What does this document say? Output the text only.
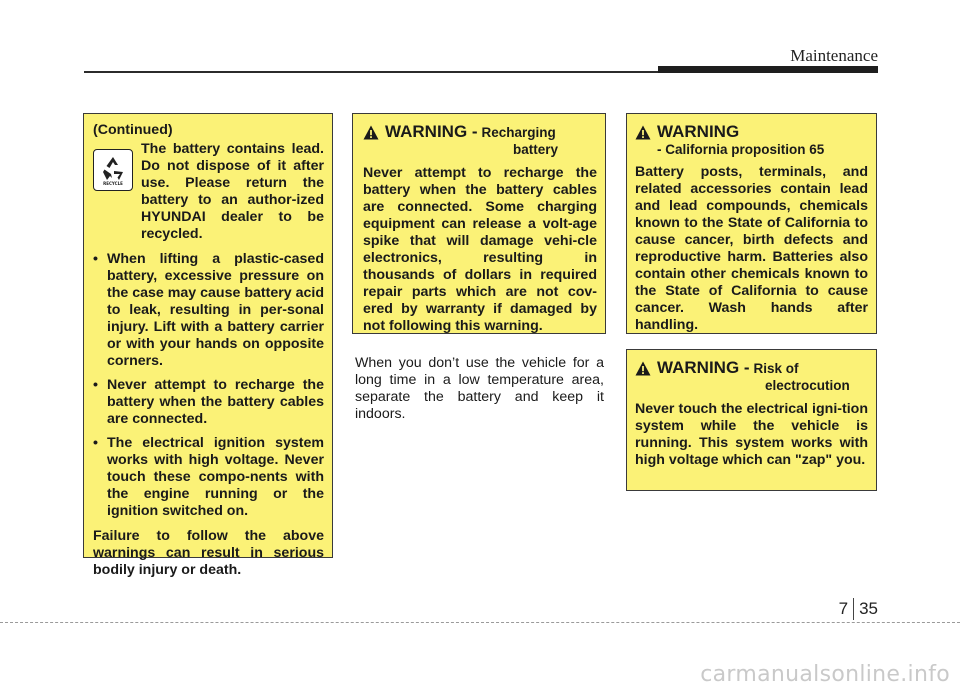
Maintenance

(Continued)

RECYCLE

The battery contains lead. Do not dispose of it after use. Please return the battery to an author-ized HYUNDAI dealer to be recycled.

• When lifting a plastic-cased battery, excessive pressure on the case may cause battery acid to leak, resulting in per-sonal injury. Lift with a battery carrier or with your hands on opposite corners.
• Never attempt to recharge the battery when the battery cables are connected.
• The electrical ignition system works with high voltage. Never touch these compo-nents with the engine running or the ignition switched on.

Failure to follow the above warnings can result in serious bodily injury or death.

WARNING - Recharging
battery

Never attempt to recharge the battery when the battery cables are connected. Some charging equipment can release a volt-age spike that will damage vehi-cle electronics, resulting in thousands of dollars in required repair parts which are not cov-ered by warranty if damaged by not following this warning.

When you don’t use the vehicle for a long time in a low temperature area, separate the battery and keep it indoors.

WARNING
- California proposition 65

Battery posts, terminals, and related accessories contain lead and lead compounds, chemicals known to the State of California to cause cancer, birth defects and reproductive harm. Batteries also contain other chemicals known to the State of California to cause cancer. Wash hands after handling.

WARNING - Risk of
electrocution

Never touch the electrical igni-tion system while the vehicle is running. This system works with high voltage which can "zap" you.

7 35
carmanualsonline.info
